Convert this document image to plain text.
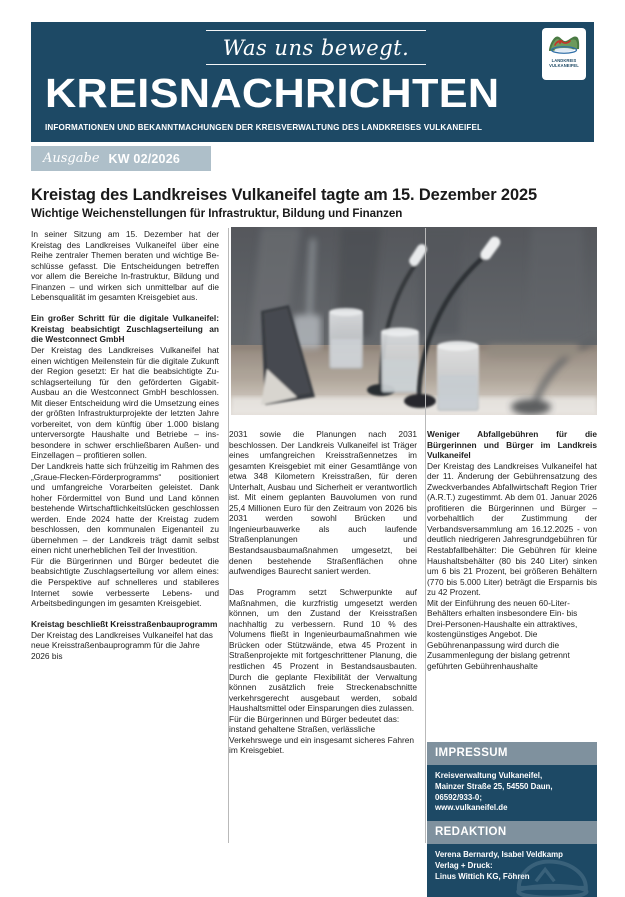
Was uns bewegt.
KREISNACHRICHTEN
INFORMATIONEN UND BEKANNTMACHUNGEN DER KREISVERWALTUNG DES LANDKREISES VULKANEIFEL
LANDKREIS
VULKANEIFEL
Ausgabe KW 02/2026
Kreistag des Landkreises Vulkaneifel tagte am 15. Dezember 2025
Wichtige Weichenstellungen für Infrastruktur, Bildung und Finanzen

In seiner Sitzung am 15. Dezember hat der Kreistag des Landkreises Vulkaneifel über eine Reihe zentraler Themen beraten und wichtige Beschlüsse gefasst. Die Entscheidungen betreffen vor allem die Bereiche In-frastruktur, Bildung und Finanzen – und wirken sich unmittelbar auf die Lebensqualität im gesamten Kreisgebiet aus.

Ein großer Schritt für die digitale Vulkaneifel: Kreistag beabsichtigt Zuschlagserteilung an die Westconnect GmbH

Der Kreistag des Landkreises Vulkaneifel hat einen wichtigen Meilenstein für die digitale Zukunft der Region gesetzt: Er hat die beabsichtigte Zuschlagserteilung für den geförderten Gigabit-Ausbau an die Westconnect GmbH beschlossen. Mit dieser Entscheidung wird die Umsetzung eines der größten Infrastrukturprojekte der letzten Jahre vorbereitet, von dem künftig über 1.000 bislang unterversorgte Haushalte und Betriebe – insbesondere in schwer erschließbaren Außen- und Einzellagen – profitieren sollen.

Der Landkreis hatte sich frühzeitig im Rahmen des „Graue-Flecken-Förderprogramms“ positioniert und umfangreiche Vorarbeiten geleistet. Dank hoher Fördermittel von Bund und Land können bestehende Wirtschaftlichkeitslücken geschlossen werden. Ende 2024 hatte der Kreistag zudem beschlossen, den kommunalen Eigenanteil zu übernehmen – der Landkreis trägt damit selbst einen nicht unerheblichen Teil der Investition.

Für die Bürgerinnen und Bürger bedeutet die beabsichtigte Zuschlagserteilung vor allem eines: die Perspektive auf schnelleres und stabileres Internet sowie verbesserte Lebens- und Arbeitsbedingungen im gesamten Kreisgebiet.

Kreistag beschließt Kreisstraßenbauprogramm

Der Kreistag des Landkreises Vulkaneifel hat das neue Kreisstraßenbauprogramm für die Jahre 2026 bis

2031 sowie die Planungen nach 2031 beschlossen. Der Landkreis Vulkaneifel ist Träger eines umfangreichen Kreisstraßennetzes im gesamten Kreisgebiet mit einer Gesamtlänge von etwa 348 Kilometern Kreisstraßen, für deren Unterhalt, Ausbau und Sicherheit er verantwortlich ist. Mit einem geplanten Bauvolumen von rund 25,4 Millionen Euro für den Zeitraum von 2026 bis 2031 werden sowohl Brücken und Ingenieurbauwerke als auch laufende Straßenplanungen und Bestandsausbaumaßnahmen umgesetzt, bei denen bestehende Straßenflächen ohne aufwendiges Baurecht saniert werden.

Das Programm setzt Schwerpunkte auf Maßnahmen, die kurzfristig umgesetzt werden können, um den Zustand der Kreisstraßen nachhaltig zu verbessern. Rund 10 % des Volumens fließt in Ingenieurbaumaßnahmen wie Brücken oder Stützwände, etwa 45 Prozent in Straßenprojekte mit fortgeschrittener Planung, die restlichen 45 Prozent in Bestandsausbauten. Durch die geplante Flexibilität der Verwaltung können zusätzlich freie Streckenabschnitte verkehrsgerecht ausgebaut werden, sobald Haushaltsmittel oder Einsparungen dies zulassen.

Für die Bürgerinnen und Bürger bedeutet das: instand gehaltene Straßen, verlässliche Verkehrswege und ein insgesamt sicheres Fahren im Kreisgebiet.

Weniger Abfallgebühren für die Bürgerinnen und Bürger im Landkreis Vulkaneifel

Der Kreistag des Landkreises Vulkaneifel hat der 11. Änderung der Gebührensatzung des Zweckverbandes Abfallwirtschaft Region Trier (A.R.T.) zugestimmt. Ab dem 01. Januar 2026 profitieren die Bürgerinnen und Bürger – vorbehaltlich der Zustimmung der Verbandsversammlung am 16.12.2025 - von deutlich niedrigeren Jahresgrundgebühren für Restabfallbehälter: Die Gebühren für kleine Haushaltsbehälter (80 bis 240 Liter) sinken um 6 bis 21 Prozent, bei größeren Behältern (770 bis 5.000 Liter) beträgt die Ersparnis bis zu 42 Prozent.

Mit der Einführung des neuen 60-Liter-Behälters erhalten insbesondere Ein- bis Drei-Personen-Haushalte ein attraktives, kostengünstiges Angebot. Die Gebührenanpassung wird durch die Zusammenlegung der bislang getrennt geführten Gebührenhaushalte

IMPRESSUM
Kreisverwaltung Vulkaneifel,
Mainzer Straße 25, 54550 Daun,
06592/933-0;
www.vulkaneifel.de
REDAKTION
Verena Bernardy, Isabel Veldkamp
Verlag + Druck:
Linus Wittich KG, Föhren
